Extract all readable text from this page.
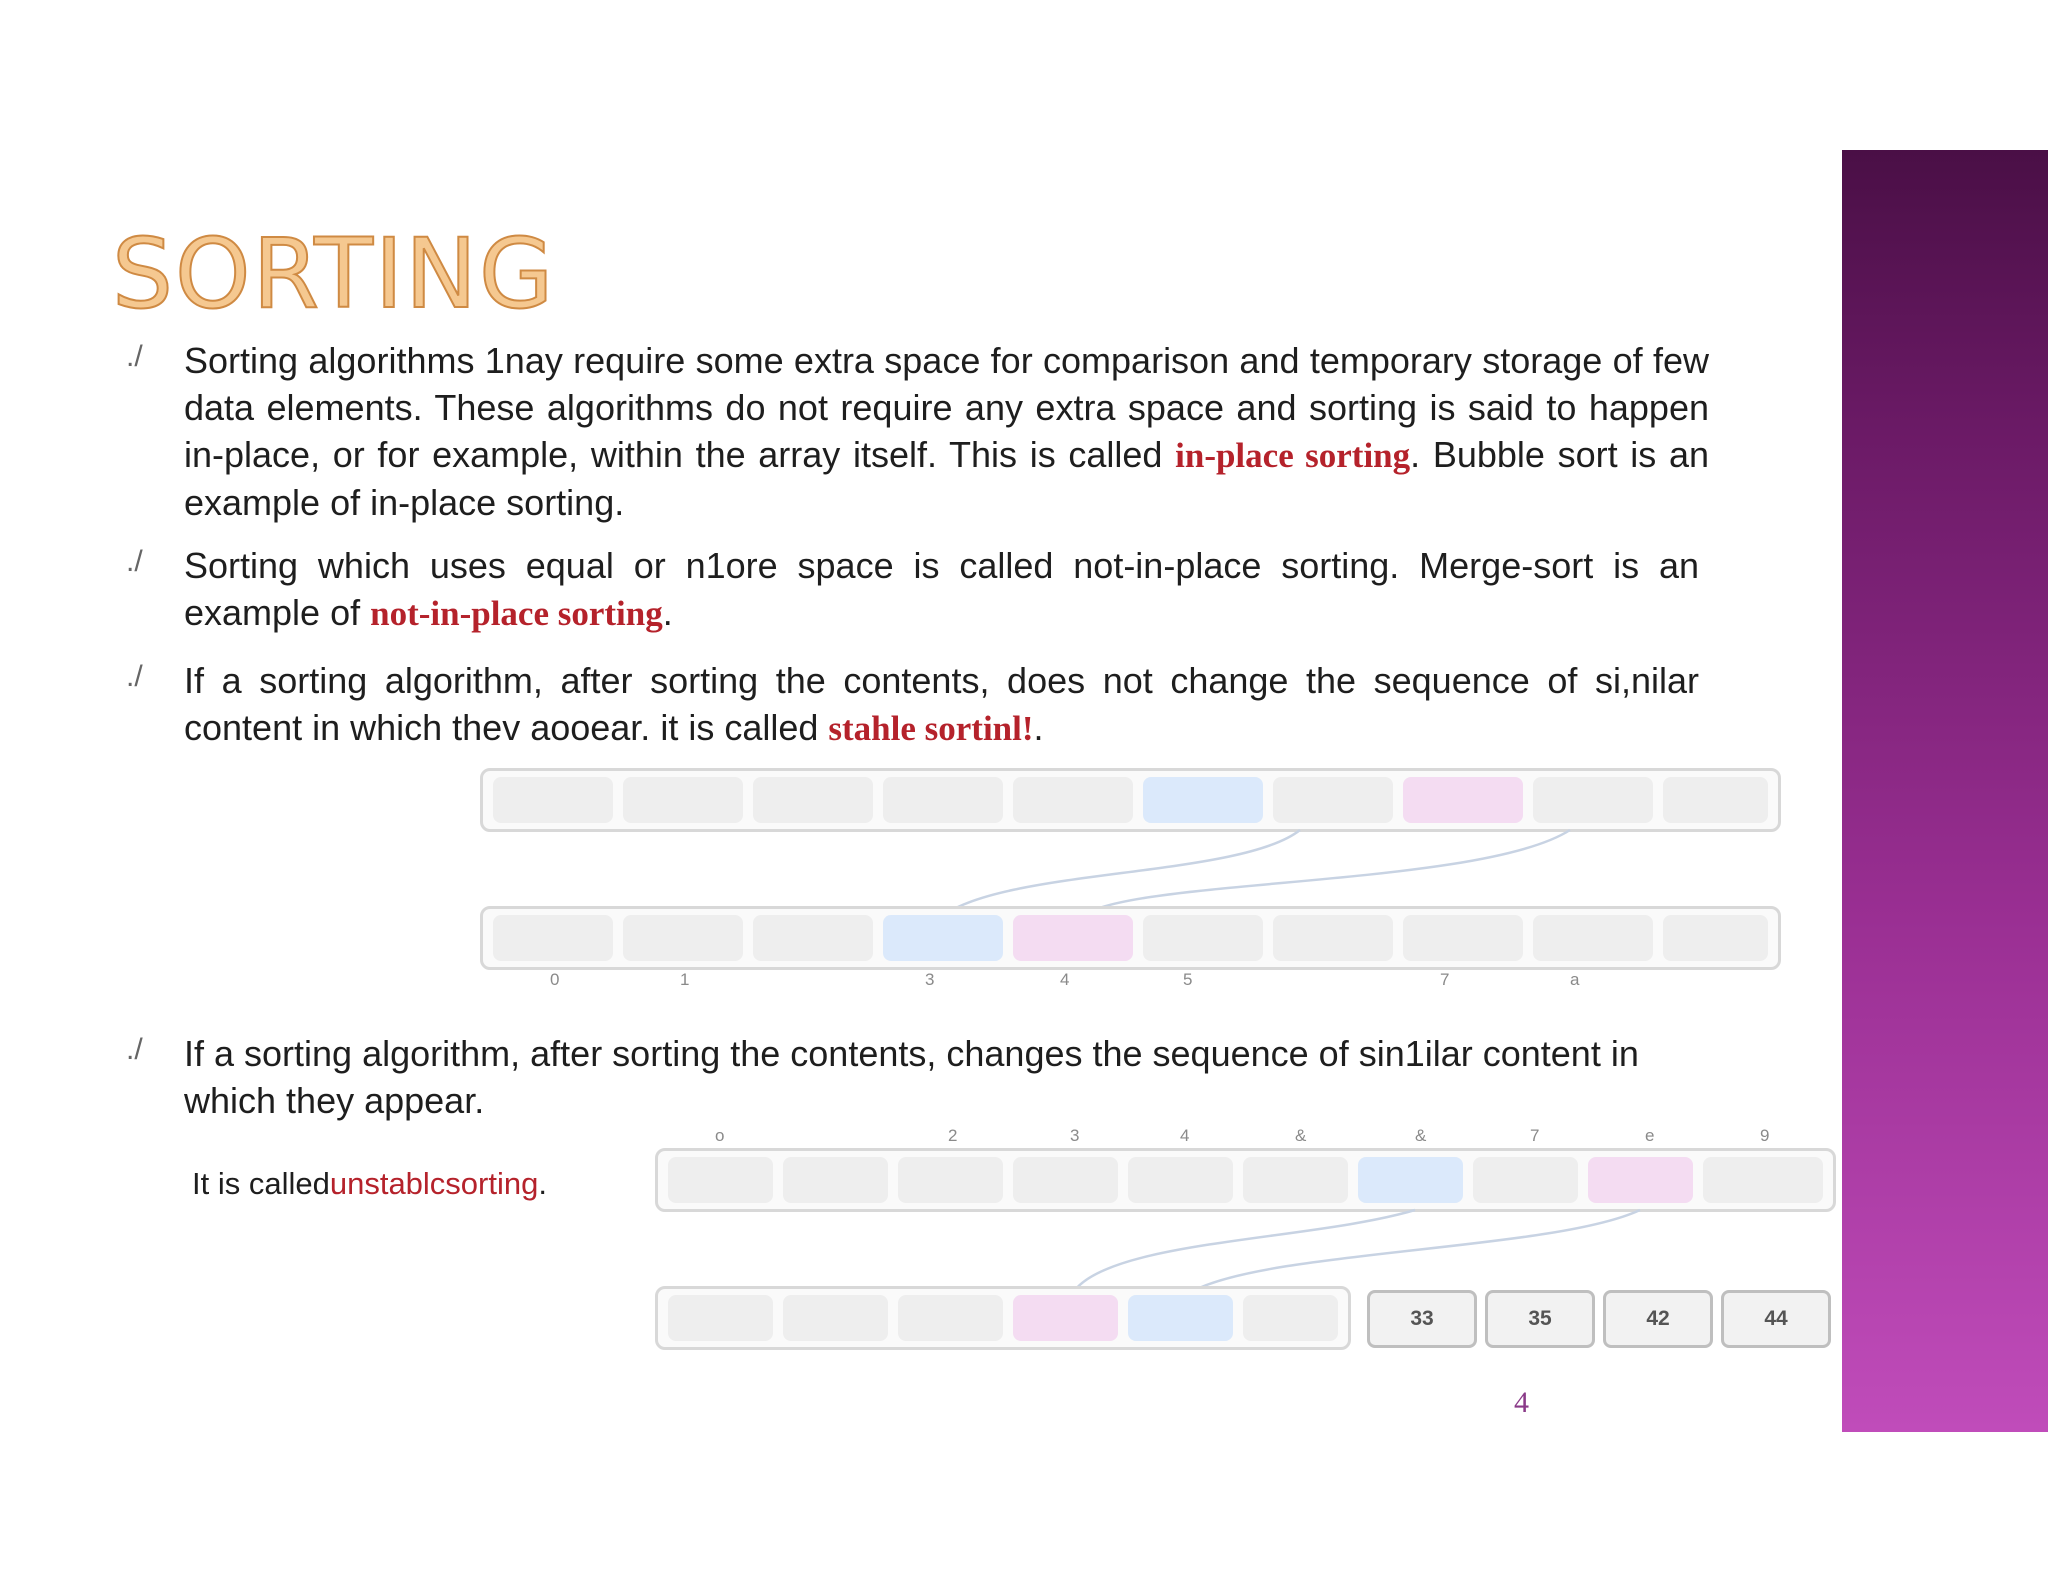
SORTING
./ Sorting algorithms 1nay require some extra space for comparison and temporary storage of few data elements. These algorithms do not require any extra space and sorting is said to happen in-place, or for example, within the array itself. This is called in-place sorting. Bubble sort is an example of in-place sorting.

./ Sorting which uses equal or n1ore space is called not-in-place sorting. Merge-sort is an example of not-in-place sorting.

./ If a sorting algorithm, after sorting the contents, does not change the sequence of si,nilar content in which thev aooear. it is called stahle sortinl!.

0	1	3	4	5	7	a
./ If a sorting algorithm, after sorting the contents, changes the sequence of sin1ilar content in which they appear.

It is calledunstablcsorting.
o	2	3	4	&	&	7	e	9
33	35	42	44
4
